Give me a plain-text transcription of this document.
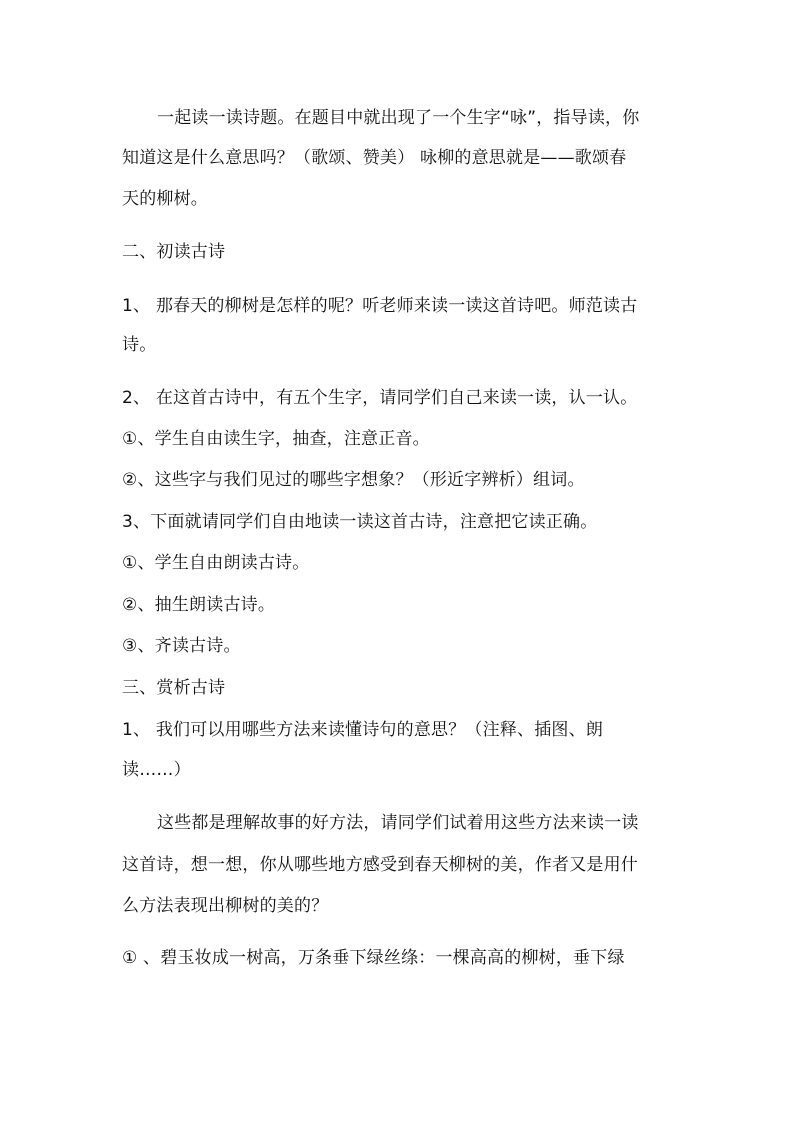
一起读一读诗题。在题目中就出现了一个生字“咏”，指导读，你
知道这是什么意思吗？（歌颂、赞美） 咏柳的意思就是——歌颂春
天的柳树。
二、初读古诗
1、 那春天的柳树是怎样的呢？听老师来读一读这首诗吧。师范读古
诗。
2、 在这首古诗中，有五个生字，请同学们自己来读一读，认一认。
①、学生自由读生字，抽查，注意正音。
②、这些字与我们见过的哪些字想象？（形近字辨析）组词。
3、下面就请同学们自由地读一读这首古诗，注意把它读正确。
①、学生自由朗读古诗。
②、抽生朗读古诗。
③、齐读古诗。
三、赏析古诗
1、 我们可以用哪些方法来读懂诗句的意思？（注释、插图、朗
读……）
这些都是理解故事的好方法，请同学们试着用这些方法来读一读
这首诗，想一想，你从哪些地方感受到春天柳树的美，作者又是用什
么方法表现出柳树的美的？
① 、碧玉妆成一树高，万条垂下绿丝绦：一棵高高的柳树，垂下绿
